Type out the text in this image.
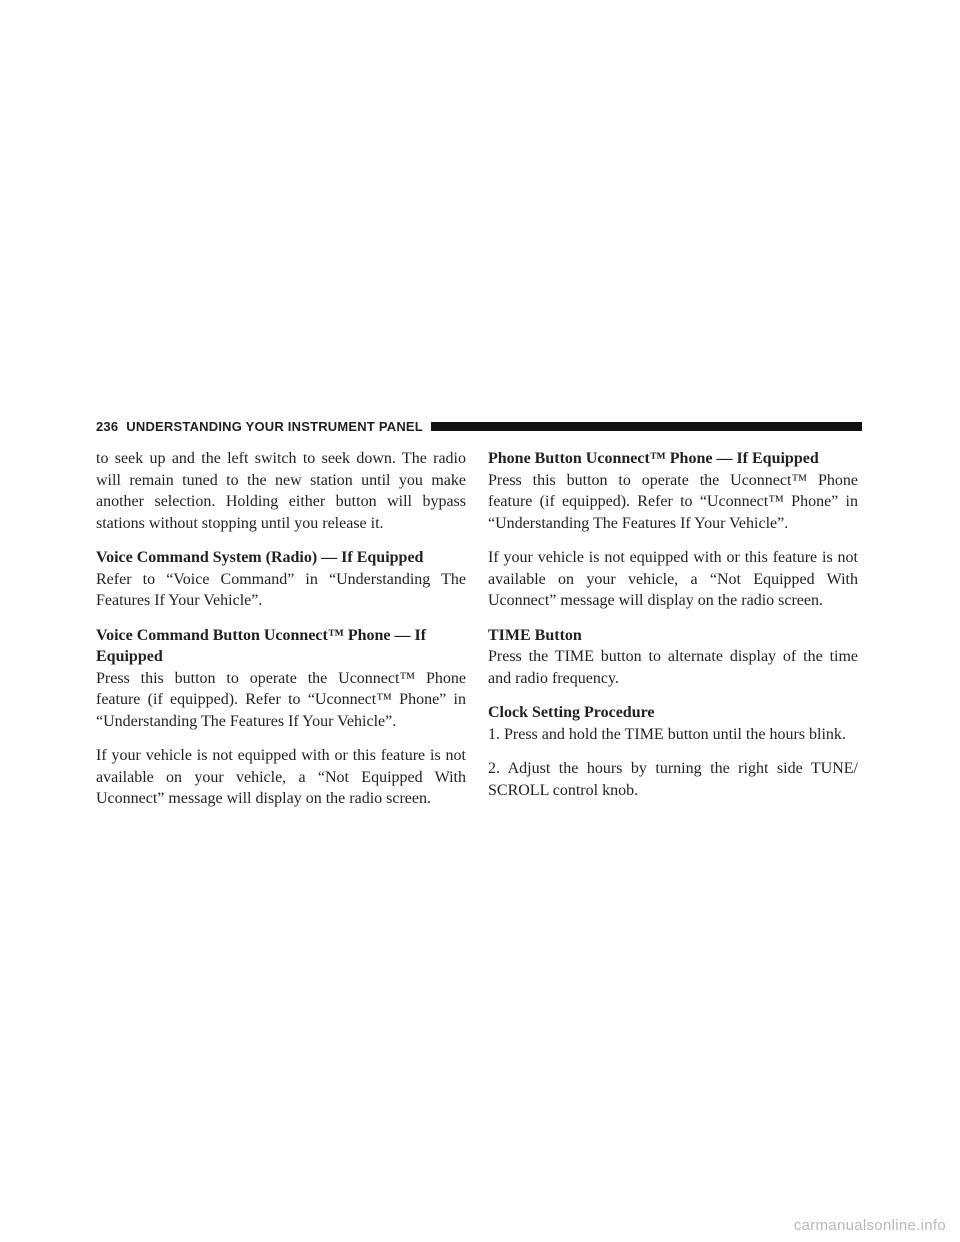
236 UNDERSTANDING YOUR INSTRUMENT PANEL

to seek up and the left switch to seek down. The radio will remain tuned to the new station until you make another selection. Holding either button will bypass stations without stopping until you release it.

Voice Command System (Radio) — If Equipped

Refer to “Voice Command” in “Understanding The Features If Your Vehicle”.

Voice Command Button Uconnect™ Phone — If Equipped

Press this button to operate the Uconnect™ Phone feature (if equipped). Refer to “Uconnect™ Phone” in “Understanding The Features If Your Vehicle”.

If your vehicle is not equipped with or this feature is not available on your vehicle, a “Not Equipped With Uconnect” message will display on the radio screen.

Phone Button Uconnect™ Phone — If Equipped

Press this button to operate the Uconnect™ Phone feature (if equipped). Refer to “Uconnect™ Phone” in “Understanding The Features If Your Vehicle”.

If your vehicle is not equipped with or this feature is not available on your vehicle, a “Not Equipped With Uconnect” message will display on the radio screen.

TIME Button

Press the TIME button to alternate display of the time and radio frequency.

Clock Setting Procedure

1. Press and hold the TIME button until the hours blink.

2. Adjust the hours by turning the right side TUNE/ SCROLL control knob.

carmanualsonline.info
